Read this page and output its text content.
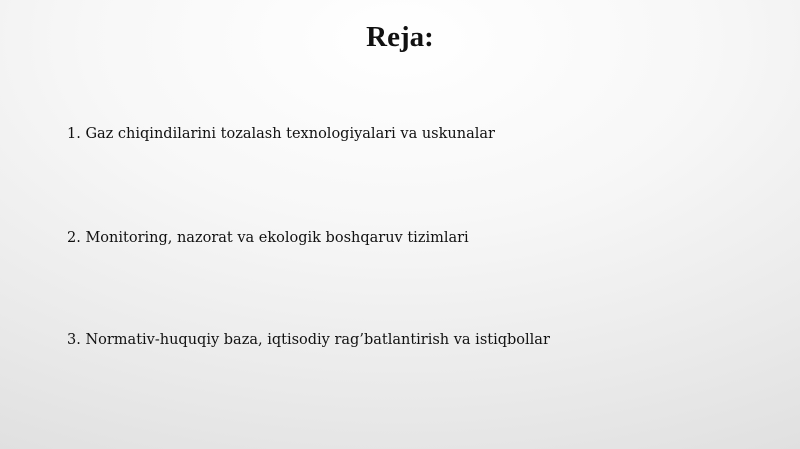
Reja:
1. Gaz chiqindilarini tozalash texnologiyalari va uskunalar
2. Monitoring, nazorat va ekologik boshqaruv tizimlari
3. Normativ-huquqiy baza, iqtisodiy rag’batlantirish va istiqbollar
